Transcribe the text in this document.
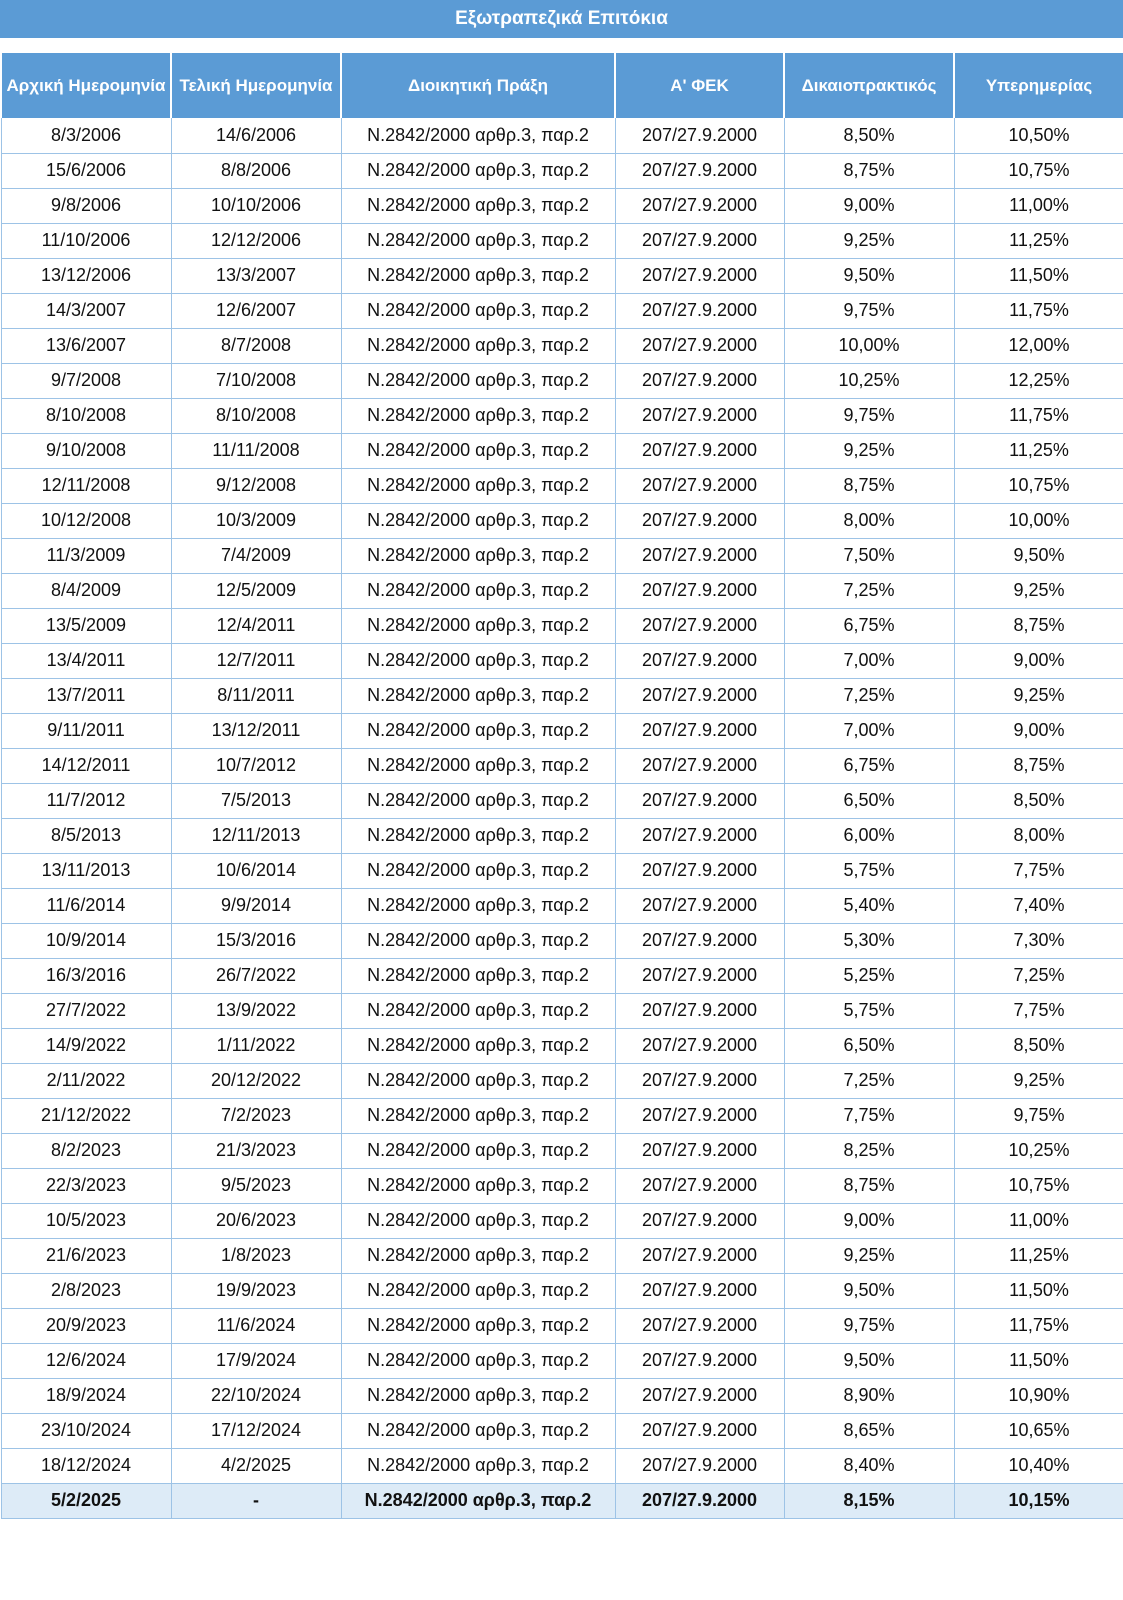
Εξωτραπεζικά Επιτόκια
Αρχική Ημερομηνία	Τελική Ημερομηνία	Διοικητική Πράξη	Α' ΦΕΚ	Δικαιοπρακτικός	Υπερημερίας
8/3/2006	14/6/2006	Ν.2842/2000 αρθρ.3, παρ.2	207/27.9.2000	8,50%	10,50%
15/6/2006	8/8/2006	Ν.2842/2000 αρθρ.3, παρ.2	207/27.9.2000	8,75%	10,75%
9/8/2006	10/10/2006	Ν.2842/2000 αρθρ.3, παρ.2	207/27.9.2000	9,00%	11,00%
11/10/2006	12/12/2006	Ν.2842/2000 αρθρ.3, παρ.2	207/27.9.2000	9,25%	11,25%
13/12/2006	13/3/2007	Ν.2842/2000 αρθρ.3, παρ.2	207/27.9.2000	9,50%	11,50%
14/3/2007	12/6/2007	Ν.2842/2000 αρθρ.3, παρ.2	207/27.9.2000	9,75%	11,75%
13/6/2007	8/7/2008	Ν.2842/2000 αρθρ.3, παρ.2	207/27.9.2000	10,00%	12,00%
9/7/2008	7/10/2008	Ν.2842/2000 αρθρ.3, παρ.2	207/27.9.2000	10,25%	12,25%
8/10/2008	8/10/2008	Ν.2842/2000 αρθρ.3, παρ.2	207/27.9.2000	9,75%	11,75%
9/10/2008	11/11/2008	Ν.2842/2000 αρθρ.3, παρ.2	207/27.9.2000	9,25%	11,25%
12/11/2008	9/12/2008	Ν.2842/2000 αρθρ.3, παρ.2	207/27.9.2000	8,75%	10,75%
10/12/2008	10/3/2009	Ν.2842/2000 αρθρ.3, παρ.2	207/27.9.2000	8,00%	10,00%
11/3/2009	7/4/2009	Ν.2842/2000 αρθρ.3, παρ.2	207/27.9.2000	7,50%	9,50%
8/4/2009	12/5/2009	Ν.2842/2000 αρθρ.3, παρ.2	207/27.9.2000	7,25%	9,25%
13/5/2009	12/4/2011	Ν.2842/2000 αρθρ.3, παρ.2	207/27.9.2000	6,75%	8,75%
13/4/2011	12/7/2011	Ν.2842/2000 αρθρ.3, παρ.2	207/27.9.2000	7,00%	9,00%
13/7/2011	8/11/2011	Ν.2842/2000 αρθρ.3, παρ.2	207/27.9.2000	7,25%	9,25%
9/11/2011	13/12/2011	Ν.2842/2000 αρθρ.3, παρ.2	207/27.9.2000	7,00%	9,00%
14/12/2011	10/7/2012	Ν.2842/2000 αρθρ.3, παρ.2	207/27.9.2000	6,75%	8,75%
11/7/2012	7/5/2013	Ν.2842/2000 αρθρ.3, παρ.2	207/27.9.2000	6,50%	8,50%
8/5/2013	12/11/2013	Ν.2842/2000 αρθρ.3, παρ.2	207/27.9.2000	6,00%	8,00%
13/11/2013	10/6/2014	Ν.2842/2000 αρθρ.3, παρ.2	207/27.9.2000	5,75%	7,75%
11/6/2014	9/9/2014	Ν.2842/2000 αρθρ.3, παρ.2	207/27.9.2000	5,40%	7,40%
10/9/2014	15/3/2016	Ν.2842/2000 αρθρ.3, παρ.2	207/27.9.2000	5,30%	7,30%
16/3/2016	26/7/2022	Ν.2842/2000 αρθρ.3, παρ.2	207/27.9.2000	5,25%	7,25%
27/7/2022	13/9/2022	Ν.2842/2000 αρθρ.3, παρ.2	207/27.9.2000	5,75%	7,75%
14/9/2022	1/11/2022	Ν.2842/2000 αρθρ.3, παρ.2	207/27.9.2000	6,50%	8,50%
2/11/2022	20/12/2022	Ν.2842/2000 αρθρ.3, παρ.2	207/27.9.2000	7,25%	9,25%
21/12/2022	7/2/2023	Ν.2842/2000 αρθρ.3, παρ.2	207/27.9.2000	7,75%	9,75%
8/2/2023	21/3/2023	Ν.2842/2000 αρθρ.3, παρ.2	207/27.9.2000	8,25%	10,25%
22/3/2023	9/5/2023	Ν.2842/2000 αρθρ.3, παρ.2	207/27.9.2000	8,75%	10,75%
10/5/2023	20/6/2023	Ν.2842/2000 αρθρ.3, παρ.2	207/27.9.2000	9,00%	11,00%
21/6/2023	1/8/2023	Ν.2842/2000 αρθρ.3, παρ.2	207/27.9.2000	9,25%	11,25%
2/8/2023	19/9/2023	Ν.2842/2000 αρθρ.3, παρ.2	207/27.9.2000	9,50%	11,50%
20/9/2023	11/6/2024	Ν.2842/2000 αρθρ.3, παρ.2	207/27.9.2000	9,75%	11,75%
12/6/2024	17/9/2024	Ν.2842/2000 αρθρ.3, παρ.2	207/27.9.2000	9,50%	11,50%
18/9/2024	22/10/2024	Ν.2842/2000 αρθρ.3, παρ.2	207/27.9.2000	8,90%	10,90%
23/10/2024	17/12/2024	Ν.2842/2000 αρθρ.3, παρ.2	207/27.9.2000	8,65%	10,65%
18/12/2024	4/2/2025	Ν.2842/2000 αρθρ.3, παρ.2	207/27.9.2000	8,40%	10,40%
5/2/2025	-	Ν.2842/2000 αρθρ.3, παρ.2	207/27.9.2000	8,15%	10,15%
